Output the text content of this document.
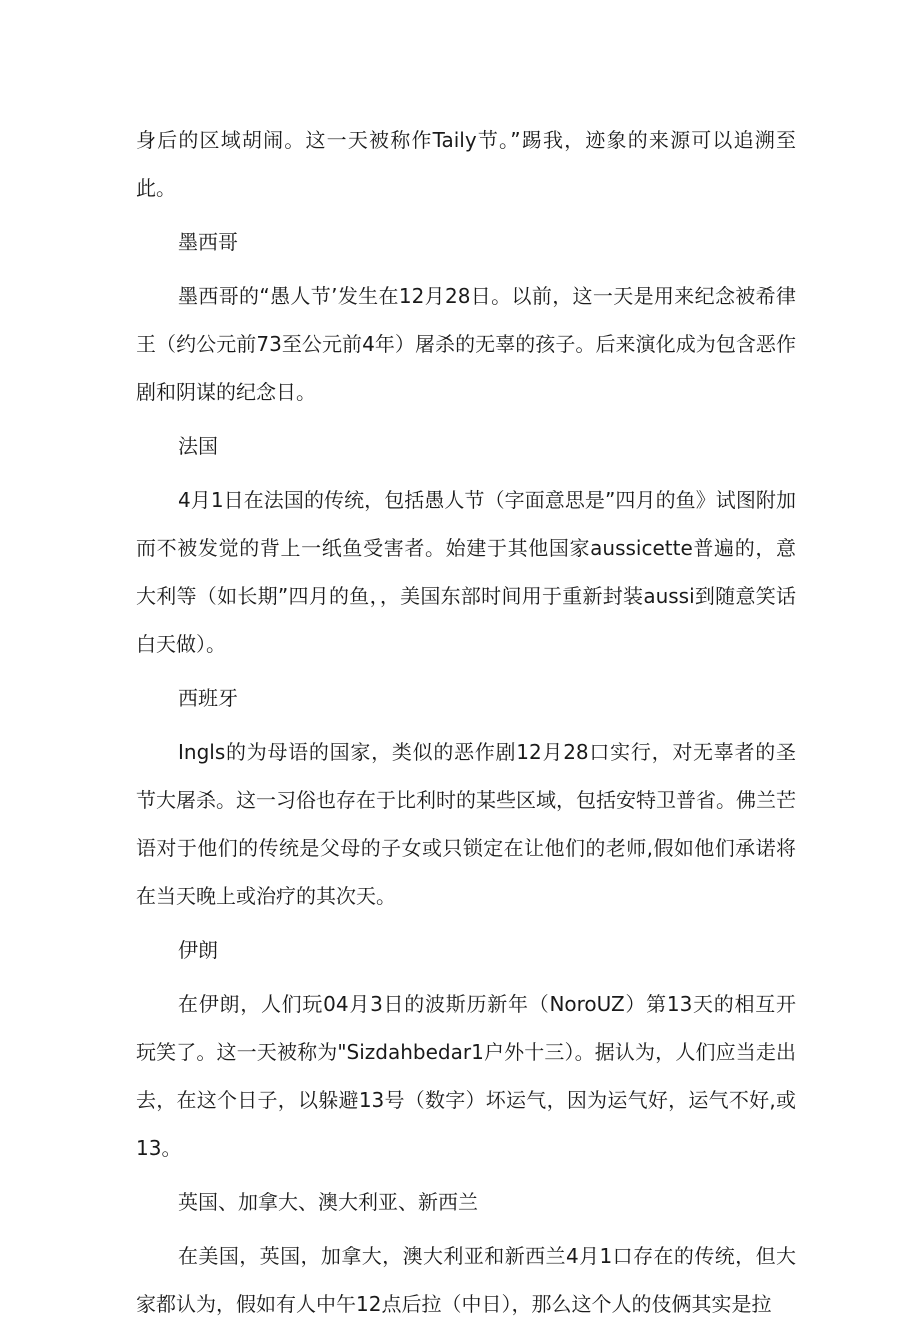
身后的区域胡闹。这一天被称作Taily节。”踢我，迹象的来源可以追溯至此。

墨西哥

墨西哥的“愚人节’发生在12月28日。以前，这一天是用来纪念被希律王（约公元前73至公元前4年）屠杀的无辜的孩子。后来演化成为包含恶作剧和阴谋的纪念日。

法国

4月1日在法国的传统，包括愚人节（字面意思是”四月的鱼》试图附加而不被发觉的背上一纸鱼受害者。始建于其他国家aussicette普遍的，意大利等（如长期”四月的鱼，，美国东部时间用于重新封装aussi到随意笑话白天做）。

西班牙

Ingls的为母语的国家，类似的恶作剧12月28口实行，对无辜者的圣节大屠杀。这一习俗也存在于比利时的某些区域，包括安特卫普省。佛兰芒语对于他们的传统是父母的子女或只锁定在让他们的老师,假如他们承诺将在当天晚上或治疗的其次天。

伊朗

在伊朗，人们玩04月3日的波斯历新年（NoroUZ）第13天的相互开玩笑了。这一天被称为"Sizdahbedar1户外十三）。据认为，人们应当走出去，在这个日子，以躲避13号（数字）坏运气，因为运气好，运气不好,或13。

英国、加拿大、澳大利亚、新西兰

在美国，英国，加拿大，澳大利亚和新西兰4月1口存在的传统，但大家都认为，假如有人中午12点后拉（中日），那么这个人的伎俩其实是拉
